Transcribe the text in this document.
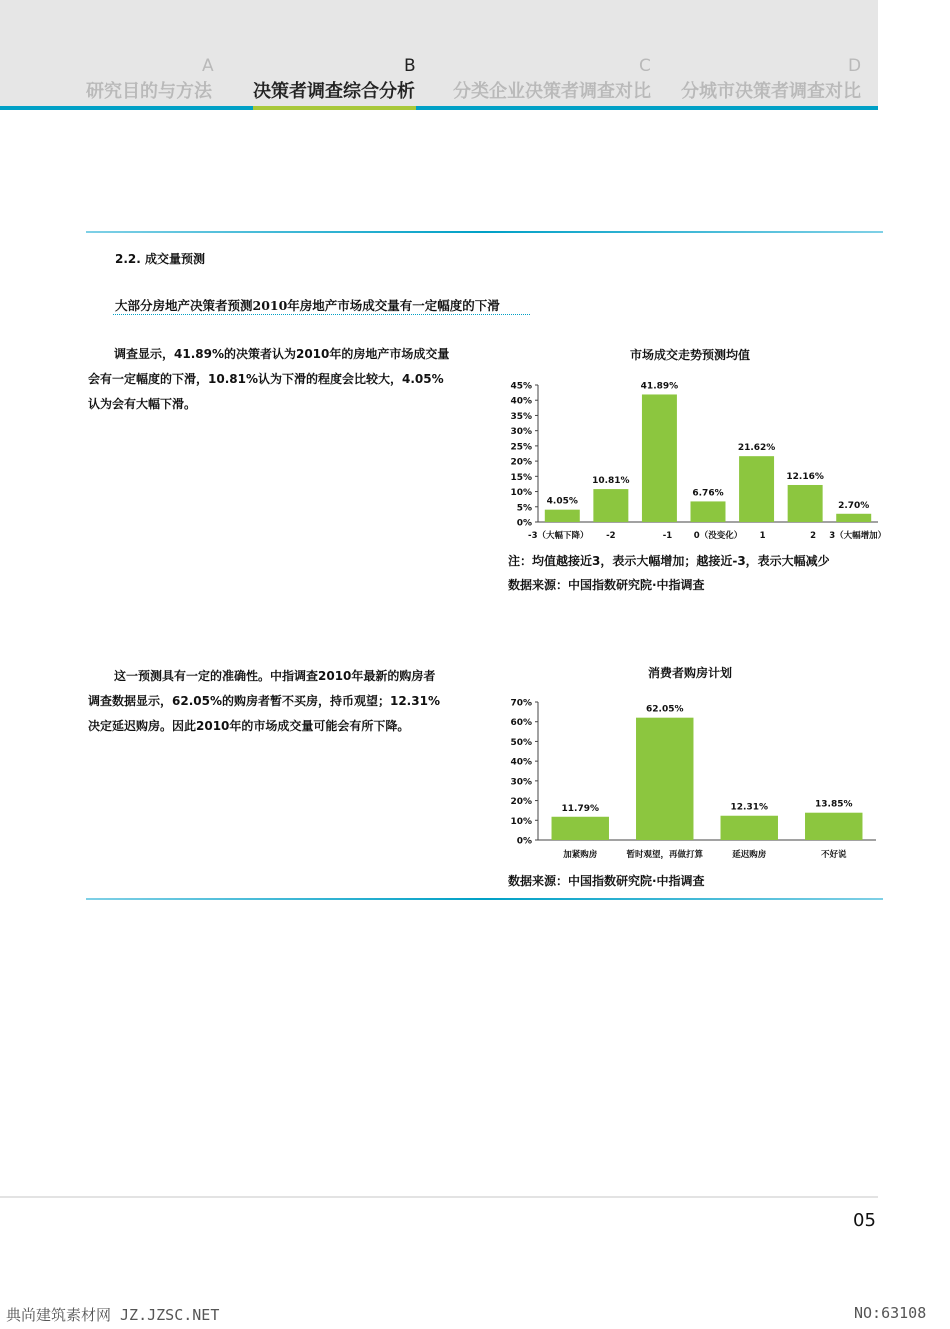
A
研究目的与方法
B
决策者调查综合分析
C
分类企业决策者调查对比
D
分城市决策者调查对比
2.2. 成交量预测
大部分房地产决策者预测2010年房地产市场成交量有一定幅度的下滑
调查显示，41.89%的决策者认为2010年的房地产市场成交量
会有一定幅度的下滑，10.81%认为下滑的程度会比较大，4.05%
认为会有大幅下滑。
这一预测具有一定的准确性。中指调查2010年最新的购房者
调查数据显示，62.05%的购房者暂不买房，持币观望；12.31%
决定延迟购房。因此2010年的市场成交量可能会有所下降。
市场成交走势预测均值
0%
5%
10%
15%
20%
25%
30%
35%
40%
45%
4.05%
-3（大幅下降）
10.81%
-2
41.89%
-1
6.76%
0（没变化）
21.62%
1
12.16%
2
2.70%
3（大幅增加）
注：均值越接近3，表示大幅增加；越接近-3，表示大幅减少
数据来源：中国指数研究院·中指调查
消费者购房计划
0%
10%
20%
30%
40%
50%
60%
70%
11.79%
加紧购房
62.05%
暂时观望，再做打算
12.31%
延迟购房
13.85%
不好说
数据来源：中国指数研究院·中指调查
05
典尚建筑素材网 JZ.JZSC.NET	NO:63108
